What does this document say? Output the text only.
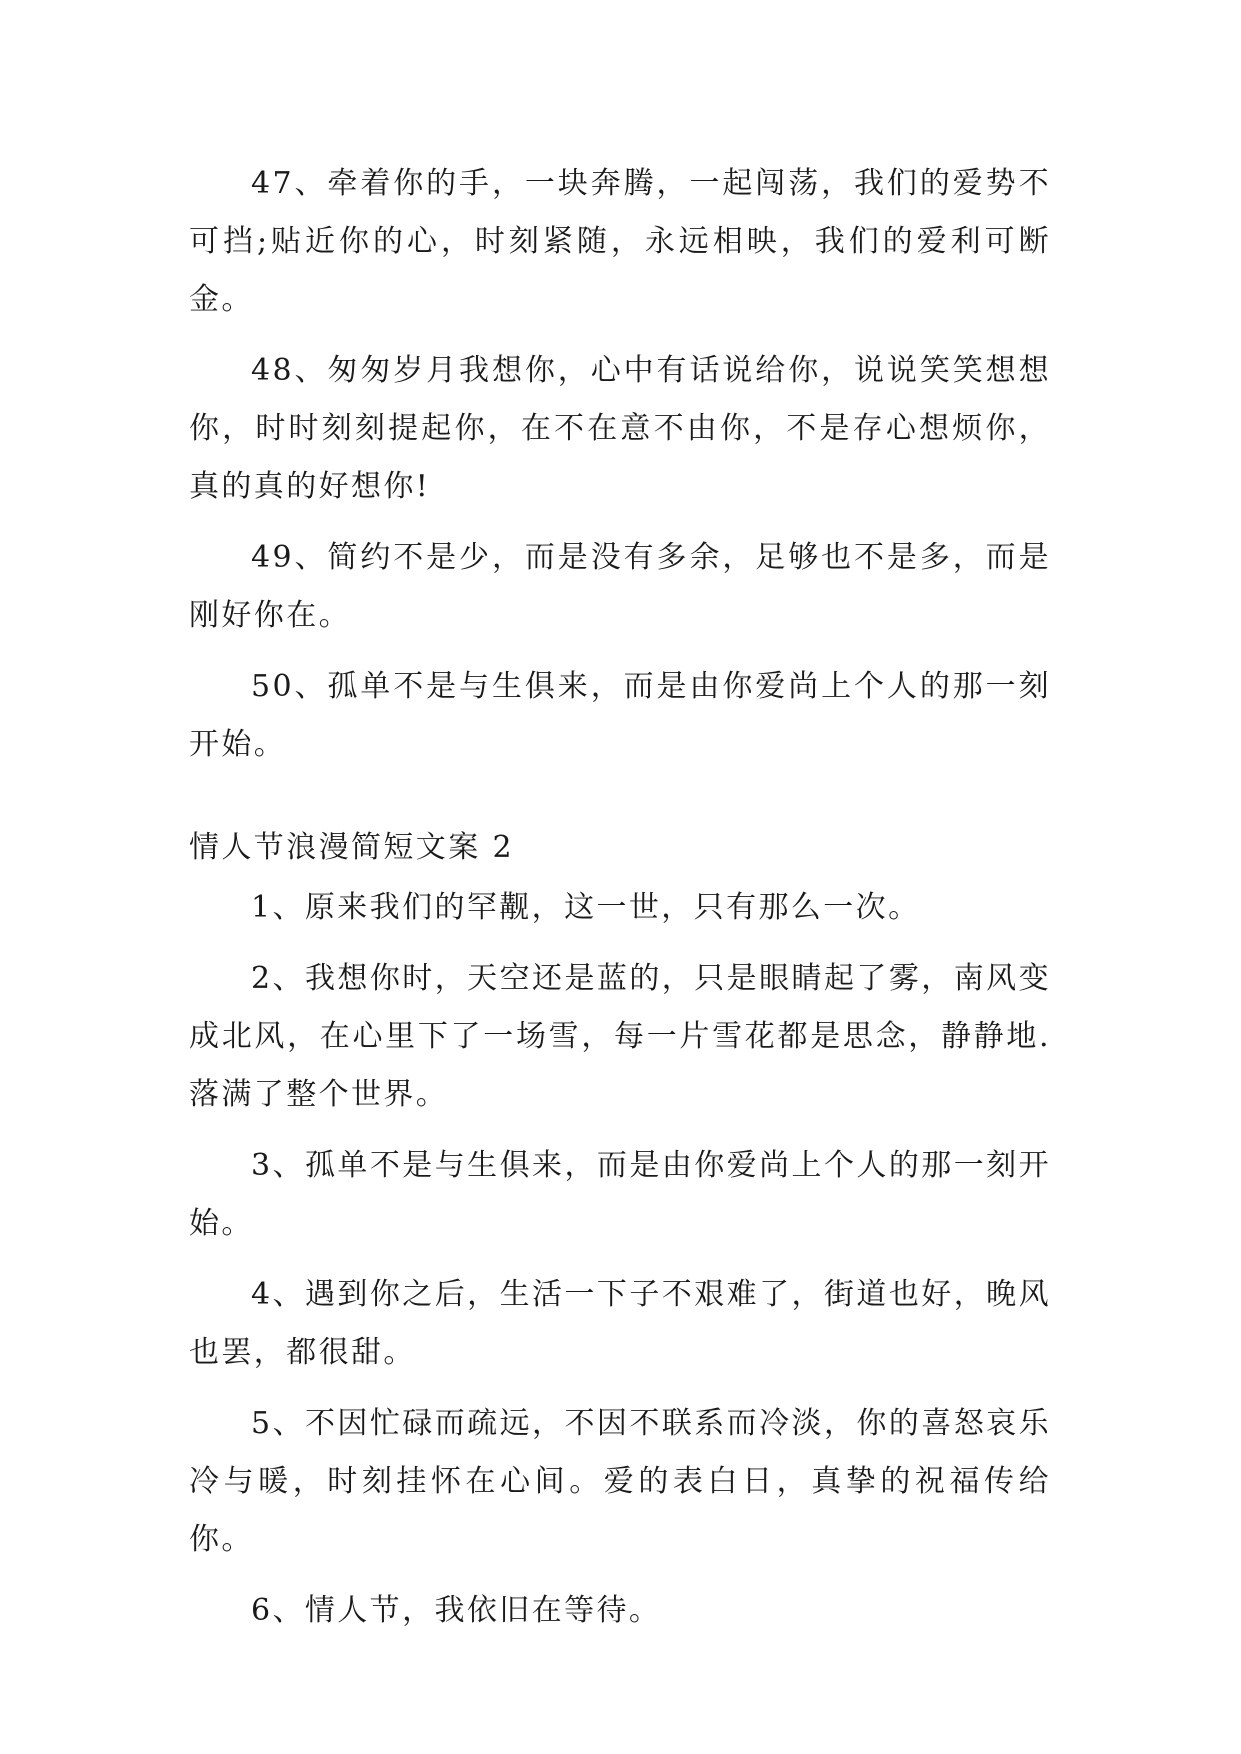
47、牵着你的手，一块奔腾，一起闯荡，我们的爱势不可挡;贴近你的心，时刻紧随，永远相映，我们的爱利可断金。

48、匆匆岁月我想你，心中有话说给你，说说笑笑想想你，时时刻刻提起你，在不在意不由你，不是存心想烦你，真的真的好想你!

49、简约不是少，而是没有多余，足够也不是多，而是刚好你在。

50、孤单不是与生俱来，而是由你爱尚上个人的那一刻开始。

情人节浪漫简短文案 2

1、原来我们的罕觏，这一世，只有那么一次。

2、我想你时，天空还是蓝的，只是眼睛起了雾，南风变成北风，在心里下了一场雪，每一片雪花都是思念，静静地.落满了整个世界。

3、孤单不是与生俱来，而是由你爱尚上个人的那一刻开始。

4、遇到你之后，生活一下子不艰难了，街道也好，晚风也罢，都很甜。

5、不因忙碌而疏远，不因不联系而冷淡，你的喜怒哀乐冷与暖，时刻挂怀在心间。爱的表白日，真挚的祝福传给你。

6、情人节，我依旧在等待。
